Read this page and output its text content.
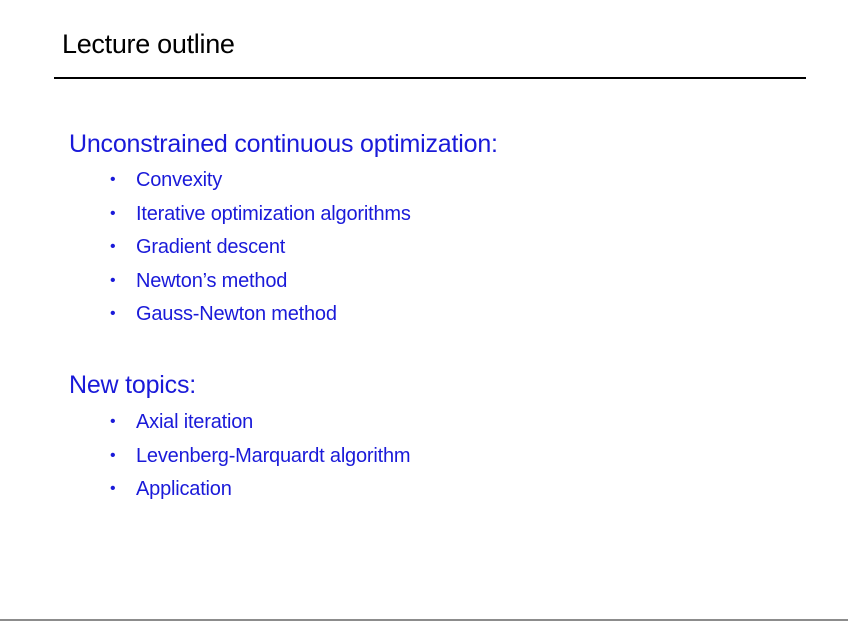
Lecture outline
Unconstrained continuous optimization:
• Convexity
• Iterative optimization algorithms
• Gradient descent
• Newton’s method
• Gauss-Newton method
New topics:
• Axial iteration
• Levenberg-Marquardt algorithm
• Application
